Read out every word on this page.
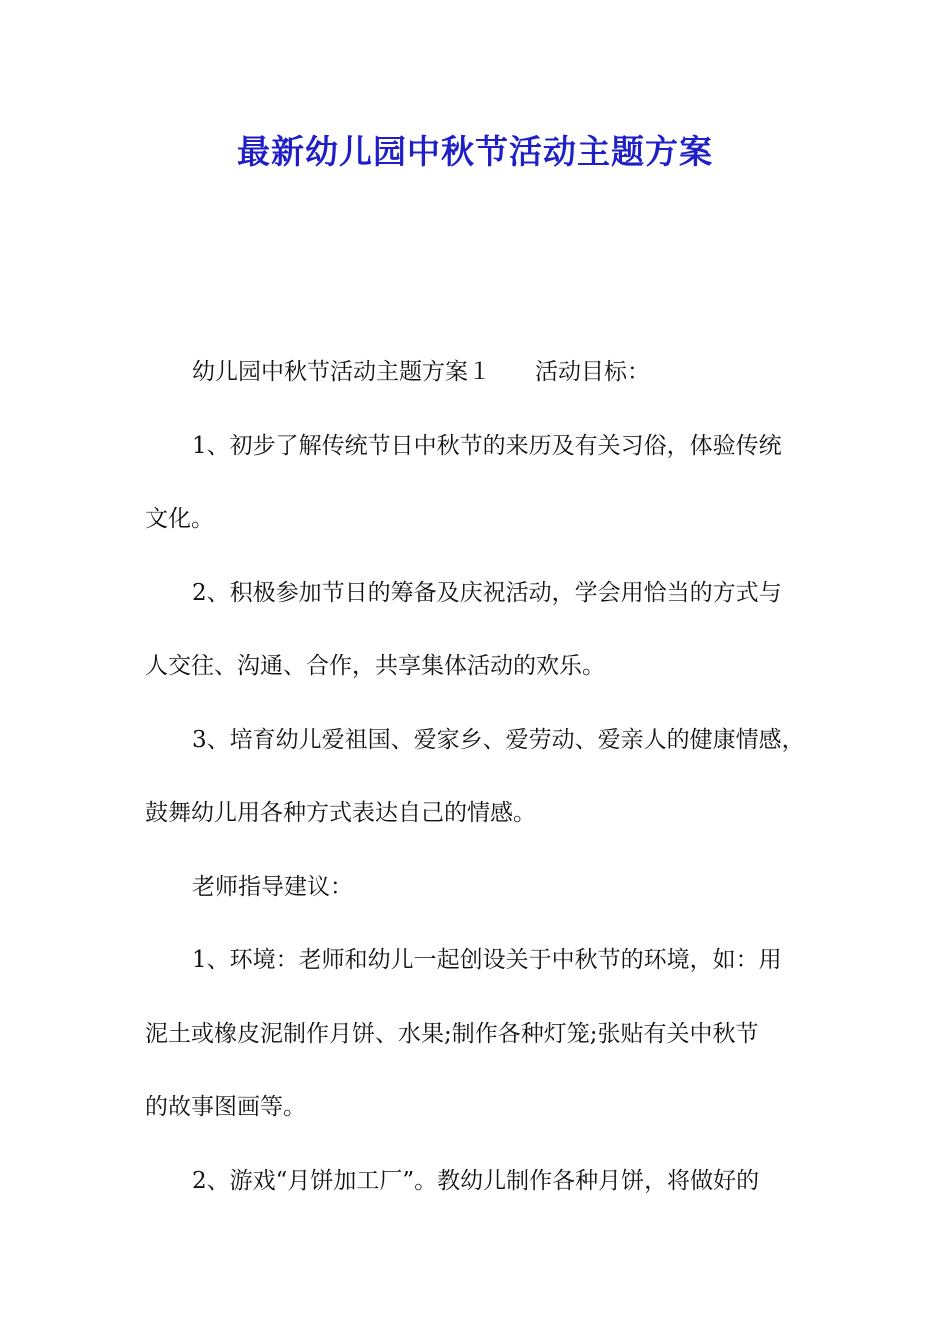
最新幼儿园中秋节活动主题方案

幼儿园中秋节活动主题方案１ 活动目标：

1、初步了解传统节日中秋节的来历及有关习俗，体验传统

文化。

2、积极参加节日的筹备及庆祝活动，学会用恰当的方式与

人交往、沟通、合作，共享集体活动的欢乐。

3、培育幼儿爱祖国、爱家乡、爱劳动、爱亲人的健康情感，

鼓舞幼儿用各种方式表达自己的情感。

老师指导建议：

1、环境：老师和幼儿一起创设关于中秋节的环境，如：用

泥土或橡皮泥制作月饼、水果;制作各种灯笼;张贴有关中秋节

的故事图画等。

2、游戏“月饼加工厂”。教幼儿制作各种月饼，将做好的
